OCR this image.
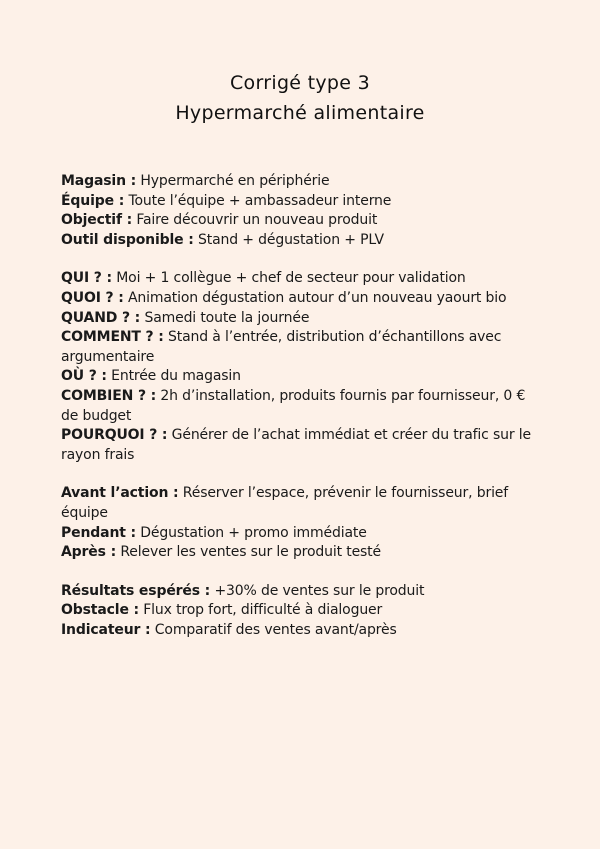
Corrigé type 3
Hypermarché alimentaire
Magasin : Hypermarché en périphérie
Équipe : Toute l’équipe + ambassadeur interne
Objectif : Faire découvrir un nouveau produit
Outil disponible : Stand + dégustation + PLV
QUI ? : Moi + 1 collègue + chef de secteur pour validation
QUOI ? : Animation dégustation autour d’un nouveau yaourt bio
QUAND ? : Samedi toute la journée
COMMENT ? : Stand à l’entrée, distribution d’échantillons avec argumentaire
OÙ ? : Entrée du magasin
COMBIEN ? : 2h d’installation, produits fournis par fournisseur, 0 € de budget
POURQUOI ? : Générer de l’achat immédiat et créer du trafic sur le rayon frais
Avant l’action : Réserver l’espace, prévenir le fournisseur, brief équipe
Pendant : Dégustation + promo immédiate
Après : Relever les ventes sur le produit testé
Résultats espérés : +30% de ventes sur le produit
Obstacle : Flux trop fort, difficulté à dialoguer
Indicateur : Comparatif des ventes avant/après
